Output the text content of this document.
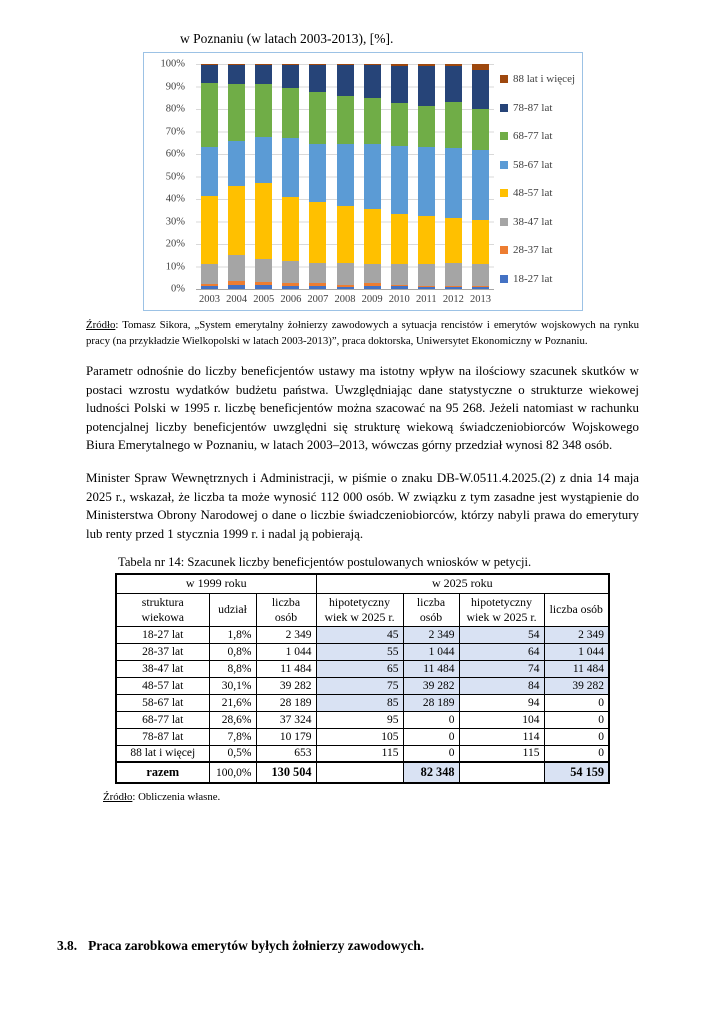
w Poznaniu (w latach 2003-2013), [%].
0%
10%
20%
30%
40%
50%
60%
70%
80%
90%
100%
2003 2004 2005 2006 2007 2008 2009 2010 2011 2012 2013
88 lat i więcej
78-87 lat
68-77 lat
58-67 lat
48-57 lat
38-47 lat
28-37 lat
18-27 lat
Źródło: Tomasz Sikora, „System emerytalny żołnierzy zawodowych a sytuacja rencistów i emerytów wojskowych na rynku pracy (na przykładzie Wielkopolski w latach 2003-2013)”, praca doktorska, Uniwersytet Ekonomiczny w Poznaniu.
Parametr odnośnie do liczby beneficjentów ustawy ma istotny wpływ na ilościowy szacunek skutków w postaci wzrostu wydatków budżetu państwa. Uwzględniając dane statystyczne o strukturze wiekowej ludności Polski w 1995 r. liczbę beneficjentów można szacować na 95 268. Jeżeli natomiast w rachunku potencjalnej liczby beneficjentów uwzględni się strukturę wiekową świadczeniobiorców Wojskowego Biura Emerytalnego w Poznaniu, w latach 2003–2013, wówczas górny przedział wynosi 82 348 osób.
Minister Spraw Wewnętrznych i Administracji, w piśmie o znaku DB-W.0511.4.2025.(2) z dnia 14 maja 2025 r., wskazał, że liczba ta może wynosić 112 000 osób. W związku z tym zasadne jest wystąpienie do Ministerstwa Obrony Narodowej o dane o liczbie świadczeniobiorców, którzy nabyli prawa do emerytury lub renty przed 1 stycznia 1999 r. i nadal ją pobierają.
Tabela nr 14: Szacunek liczby beneficjentów postulowanych wniosków w petycji.
w 1999 roku			w 2025 roku			
struktura wiekowa	udział	liczba osób	hipotetyczny wiek w 2025 r.	liczba osób	hipotetyczny wiek w 2025 r.	liczba osób
18-27 lat	1,8%	2 349	45	2 349	54	2 349
28-37 lat	0,8%	1 044	55	1 044	64	1 044
38-47 lat	8,8%	11 484	65	11 484	74	11 484
48-57 lat	30,1%	39 282	75	39 282	84	39 282
58-67 lat	21,6%	28 189	85	28 189	94	0
68-77 lat	28,6%	37 324	95	0	104	0
78-87 lat	7,8%	10 179	105	0	114	0
88 lat i więcej	0,5%	653	115	0	115	0
razem	100,0%	130 504		82 348		54 159
Źródło: Obliczenia własne.
3.8. Praca zarobkowa emerytów byłych żołnierzy zawodowych.
